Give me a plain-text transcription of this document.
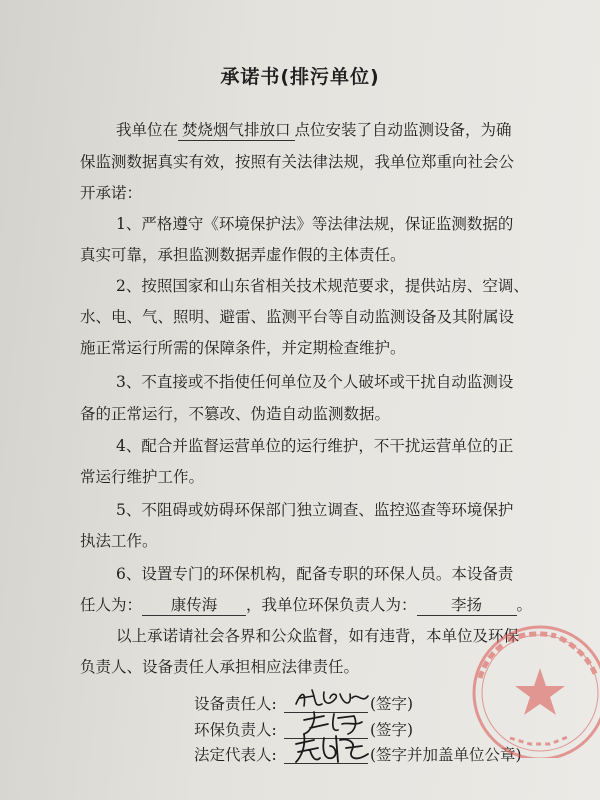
承诺书(排污单位)
我单位在 焚烧烟气排放口 点位安装了自动监测设备，为确
保监测数据真实有效，按照有关法律法规，我单位郑重向社会公
开承诺：
1、严格遵守《环境保护法》等法律法规，保证监测数据的
真实可靠，承担监测数据弄虚作假的主体责任。
2、按照国家和山东省相关技术规范要求，提供站房、空调、
水、电、气、照明、避雷、监测平台等自动监测设备及其附属设
施正常运行所需的保障条件，并定期检查维护。
3、不直接或不指使任何单位及个人破坏或干扰自动监测设
备的正常运行，不篡改、伪造自动监测数据。
4、配合并监督运营单位的运行维护，不干扰运营单位的正
常运行维护工作。
5、不阻碍或妨碍环保部门独立调查、监控巡查等环境保护
执法工作。
6、设置专门的环保机构，配备专职的环保人员。本设备责
任人为： 康传海 ，我单位环保负责人为： 李扬 。
以上承诺请社会各界和公众监督，如有违背，本单位及环保
负责人、设备责任人承担相应法律责任。
设备责任人:	(签字)
环保负责人:	(签字)
法定代表人:	(签字并加盖单位公章)
